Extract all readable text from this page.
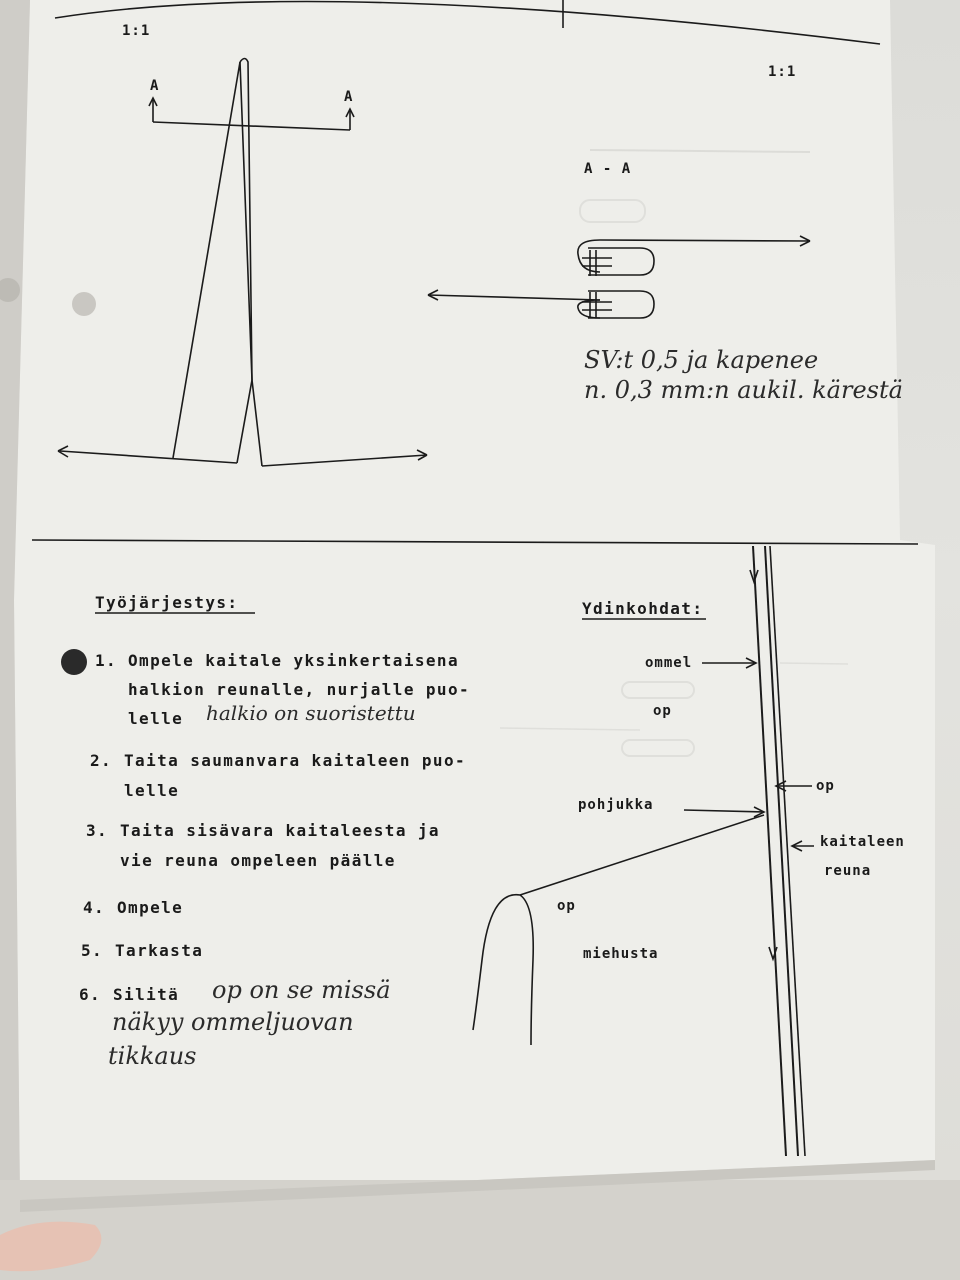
1:1
1:1
A
A
A - A
SV:t 0,5 ja kapenee
n. 0,3 mm:n aukil. kärestä
Työjärjestys:
1. Ompele kaitale yksinkertaisena
halkion reunalle, nurjalle puo-
lelle halkio on suoristettu
2. Taita saumanvara kaitaleen puo-
lelle
3. Taita sisävara kaitaleesta ja
vie reuna ompeleen päälle
4. Ompele
5. Tarkasta
6. Silitä op on se missä
näkyy ommeljuovan
tikkaus
Ydinkohdat:
ommel
op
op
pohjukka
kaitaleen
reuna
op
miehusta
